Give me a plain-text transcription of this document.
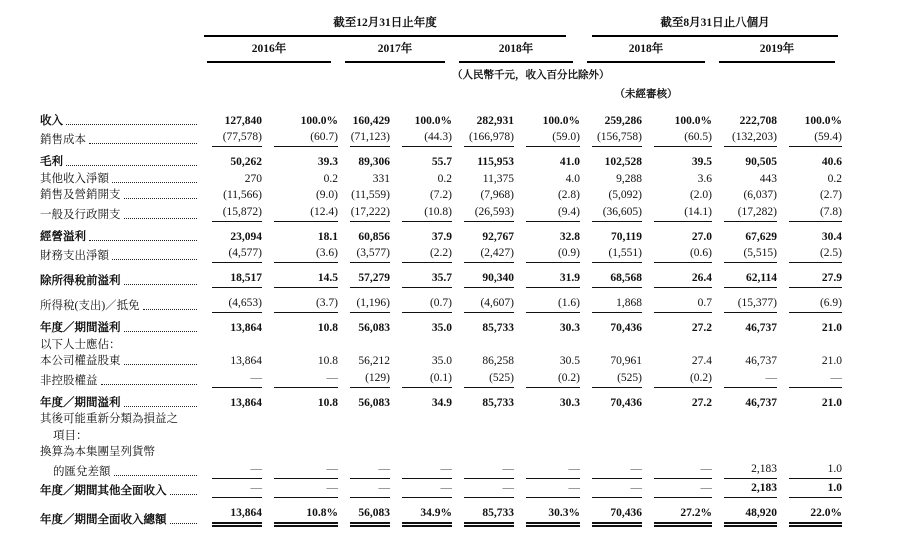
	截至12月31日止年度						截至8月31日止八個月			

	2016年		2017年		2018年		2018年		2019年	

					（人民幣千元，收入百分比除外）					

							（未經審核）			

收入	127,840	100.0%	160,429	100.0%	282,931	100.0%	259,286	100.0%	222,708	100.0%

銷售成本	(77,578)	(60.7)	(71,123)	(44.3)	(166,978)	(59.0)	(156,758)	(60.5)	(132,203)	(59.4)

毛利	50,262	39.3	89,306	55.7	115,953	41.0	102,528	39.5	90,505	40.6

其他收入淨額	270	0.2	331	0.2	11,375	4.0	9,288	3.6	443	0.2

銷售及營銷開支	(11,566)	(9.0)	(11,559)	(7.2)	(7,968)	(2.8)	(5,092)	(2.0)	(6,037)	(2.7)

一般及行政開支	(15,872)	(12.4)	(17,222)	(10.8)	(26,593)	(9.4)	(36,605)	(14.1)	(17,282)	(7.8)

經營溢利	23,094	18.1	60,856	37.9	92,767	32.8	70,119	27.0	67,629	30.4

財務支出淨額	(4,577)	(3.6)	(3,577)	(2.2)	(2,427)	(0.9)	(1,551)	(0.6)	(5,515)	(2.5)

除所得稅前溢利	18,517	14.5	57,279	35.7	90,340	31.9	68,568	26.4	62,114	27.9

所得稅(支出)／抵免	(4,653)	(3.7)	(1,196)	(0.7)	(4,607)	(1.6)	1,868	0.7	(15,377)	(6.9)

年度／期間溢利	13,864	10.8	56,083	35.0	85,733	30.3	70,436	27.2	46,737	21.0

以下人士應佔：										

本公司權益股東	13,864	10.8	56,212	35.0	86,258	30.5	70,961	27.4	46,737	21.0

非控股權益	—	—	(129)	(0.1)	(525)	(0.2)	(525)	(0.2)	—	—

年度／期間溢利	13,864	10.8	56,083	34.9	85,733	30.3	70,436	27.2	46,737	21.0

其後可能重新分類為損益之										

項目：										

換算為本集團呈列貨幣										

的匯兌差額	—	—	—	—	—	—	—	—	2,183	1.0

年度／期間其他全面收入	—	—	—	—	—	—	—	—	2,183	1.0

年度／期間全面收入總額	13,864	10.8%	56,083	34.9%	85,733	30.3%	70,436	27.2%	48,920	22.0%
